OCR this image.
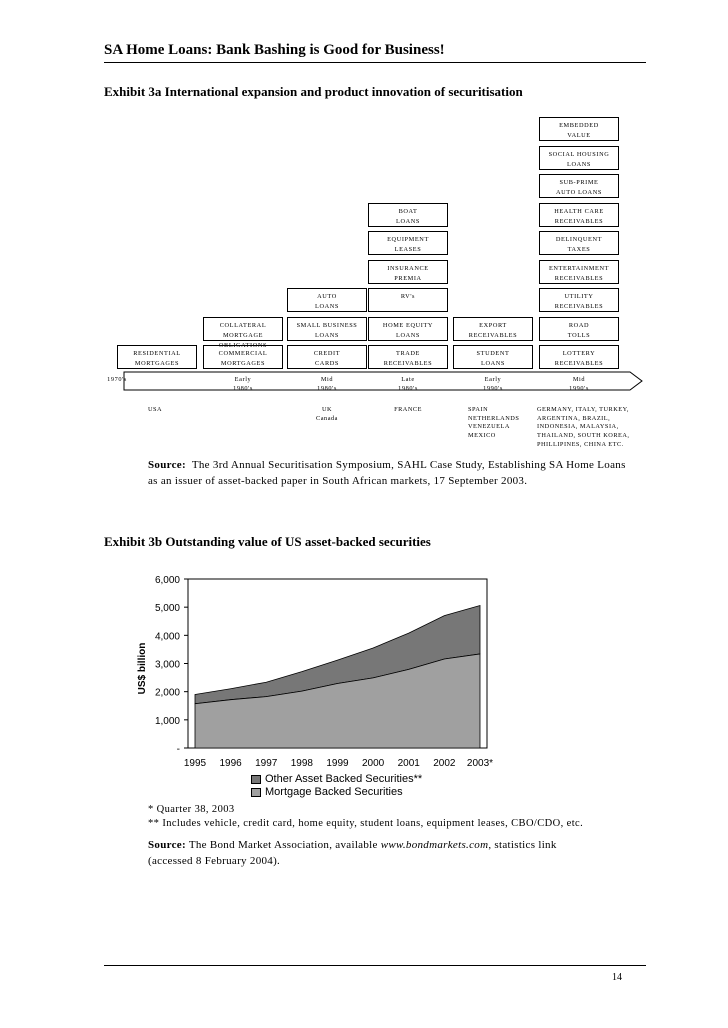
SA Home Loans: Bank Bashing is Good for Business!
Exhibit 3a International expansion and product innovation of securitisation
RESIDENTIAL
MORTGAGES
COMMERCIAL
MORTGAGES
COLLATERAL
MORTGAGE
OBLIGATIONS
CREDIT
CARDS
SMALL BUSINESS
LOANS
AUTO
LOANS
TRADE
RECEIVABLES
HOME EQUITY
LOANS
RV's
INSURANCE
PREMIA
EQUIPMENT
LEASES
BOAT
LOANS
STUDENT
LOANS
EXPORT
RECEIVABLES
LOTTERY
RECEIVABLES
ROAD
TOLLS
UTILITY
RECEIVABLES
ENTERTAINMENT
RECEIVABLES
DELINQUENT
TAXES
HEALTH CARE
RECEIVABLES
SUB-PRIME
AUTO LOANS
SOCIAL HOUSING
LOANS
EMBEDDED
VALUE
1970's	Early
1980's
Mid
1980's
Late
1980's
Early
1990's
Mid
1990's
USA	UK
Canada
FRANCE	SPAIN
NETHERLANDS
VENEZUELA
MEXICO
GERMANY, ITALY, TURKEY,
ARGENTINA, BRAZIL,
INDONESIA, MALAYSIA,
THAILAND, SOUTH KOREA,
PHILLIPINES, CHINA ETC.
Source: The 3rd Annual Securitisation Symposium, SAHL Case Study, Establishing SA Home Loans as an issuer of asset-backed paper in South African markets, 17 September 2003.
Exhibit 3b Outstanding value of US asset-backed securities
-
1,000
2,000
3,000
4,000
5,000
6,000
1995 1996 1997 1998 1999 2000 2001 2002 2003*
US$ billion
Other Asset Backed Securities**
Mortgage Backed Securities
* Quarter 38, 2003
** Includes vehicle, credit card, home equity, student loans, equipment leases, CBO/CDO, etc.
Source: The Bond Market Association, available www.bondmarkets.com, statistics link
(accessed 8 February 2004).
14
